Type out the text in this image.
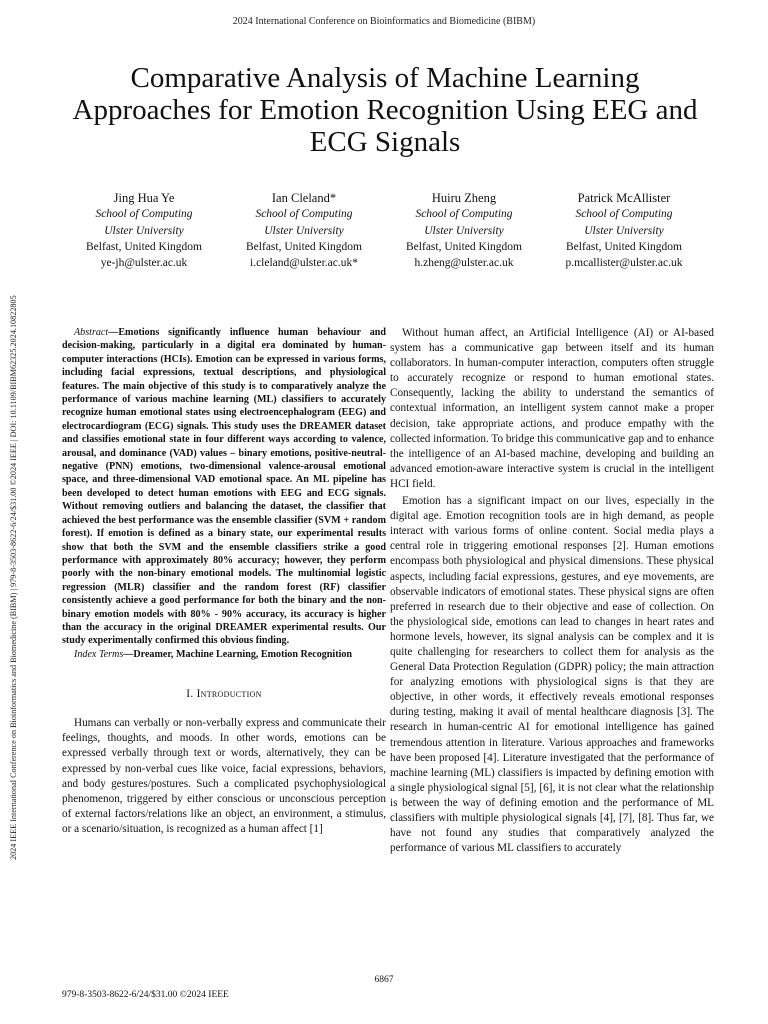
2024 International Conference on Bioinformatics and Biomedicine (BIBM)
2024 IEEE International Conference on Bioinformatics and Biomedicine (BIBM) | 979-8-3503-8622-6/24/$31.00 ©2024 IEEE | DOI: 10.1109/BIBM62325.2024.10822805
Comparative Analysis of Machine Learning Approaches for Emotion Recognition Using EEG and ECG Signals
Jing Hua Ye
School of Computing
Ulster University
Belfast, United Kingdom
ye-jh@ulster.ac.uk
Ian Cleland*
School of Computing
Ulster University
Belfast, United Kingdom
i.cleland@ulster.ac.uk*
Huiru Zheng
School of Computing
Ulster University
Belfast, United Kingdom
h.zheng@ulster.ac.uk
Patrick McAllister
School of Computing
Ulster University
Belfast, United Kingdom
p.mcallister@ulster.ac.uk

Abstract—Emotions significantly influence human behaviour and decision-making, particularly in a digital era dominated by human-computer interactions (HCIs). Emotion can be expressed in various forms, including facial expressions, textual descriptions, and physiological features. The main objective of this study is to comparatively analyze the performance of various machine learning (ML) classifiers to accurately recognize human emotional states using electroencephalogram (EEG) and electrocardiogram (ECG) signals. This study uses the DREAMER dataset and classifies emotional state in four different ways according to valence, arousal, and dominance (VAD) values – binary emotions, positive-neutral-negative (PNN) emotions, two-dimensional valence-arousal emotional space, and three-dimensional VAD emotional space. An ML pipeline has been developed to detect human emotions with EEG and ECG signals. Without removing outliers and balancing the dataset, the classifier that achieved the best performance was the ensemble classifier (SVM + random forest). If emotion is defined as a binary state, our experimental results show that both the SVM and the ensemble classifiers strike a good performance with approximately 80% accuracy; however, they perform poorly with the non-binary emotional models. The multinomial logistic regression (MLR) classifier and the random forest (RF) classifier consistently achieve a good performance for both the binary and the non-binary emotion models with 80% - 90% accuracy, its accuracy is higher than the accuracy in the original DREAMER experimental results. Our study experimentally confirmed this obvious finding.

Index Terms—Dreamer, Machine Learning, Emotion Recognition

I. Introduction

Humans can verbally or non-verbally express and communicate their feelings, thoughts, and moods. In other words, emotions can be expressed verbally through text or words, alternatively, they can be expressed by non-verbal cues like voice, facial expressions, behaviors, and body gestures/postures. Such a complicated psychophysiological phenomenon, triggered by either conscious or unconscious perception of external factors/relations like an object, an environment, a stimulus, or a scenario/situation, is recognized as a human affect [1]

Without human affect, an Artificial Intelligence (AI) or AI-based system has a communicative gap between itself and its human collaborators. In human-computer interaction, computers often struggle to accurately recognize or respond to human emotional states. Consequently, lacking the ability to understand the semantics of contextual information, an intelligent system cannot make a proper decision, take appropriate actions, and produce empathy with the collected information. To bridge this communicative gap and to enhance the intelligence of an AI-based machine, developing and building an advanced emotion-aware interactive system is crucial in the intelligent HCI field.

Emotion has a significant impact on our lives, especially in the digital age. Emotion recognition tools are in high demand, as people interact with various forms of online content. Social media plays a central role in triggering emotional responses [2]. Human emotions encompass both physiological and physical dimensions. These physical aspects, including facial expressions, gestures, and eye movements, are observable indicators of emotional states. These physical signs are often preferred in research due to their objective and ease of collection. On the physiological side, emotions can lead to changes in heart rates and hormone levels, however, its signal analysis can be complex and it is quite challenging for researchers to collect them for analysis as the General Data Protection Regulation (GDPR) policy; the main attraction for analyzing emotions with physiological signs is that they are objective, in other words, it effectively reveals emotional responses during testing, making it avail of mental healthcare diagnosis [3]. The research in human-centric AI for emotional intelligence has gained tremendous attention in literature. Various approaches and frameworks have been proposed [4]. Literature investigated that the performance of machine learning (ML) classifiers is impacted by defining emotion with a single physiological signal [5], [6], it is not clear what the relationship is between the way of defining emotion and the performance of ML classifiers with multiple physiological signals [4], [7], [8]. Thus far, we have not found any studies that comparatively analyzed the performance of various ML classifiers to accurately

6867
979-8-3503-8622-6/24/$31.00 ©2024 IEEE
